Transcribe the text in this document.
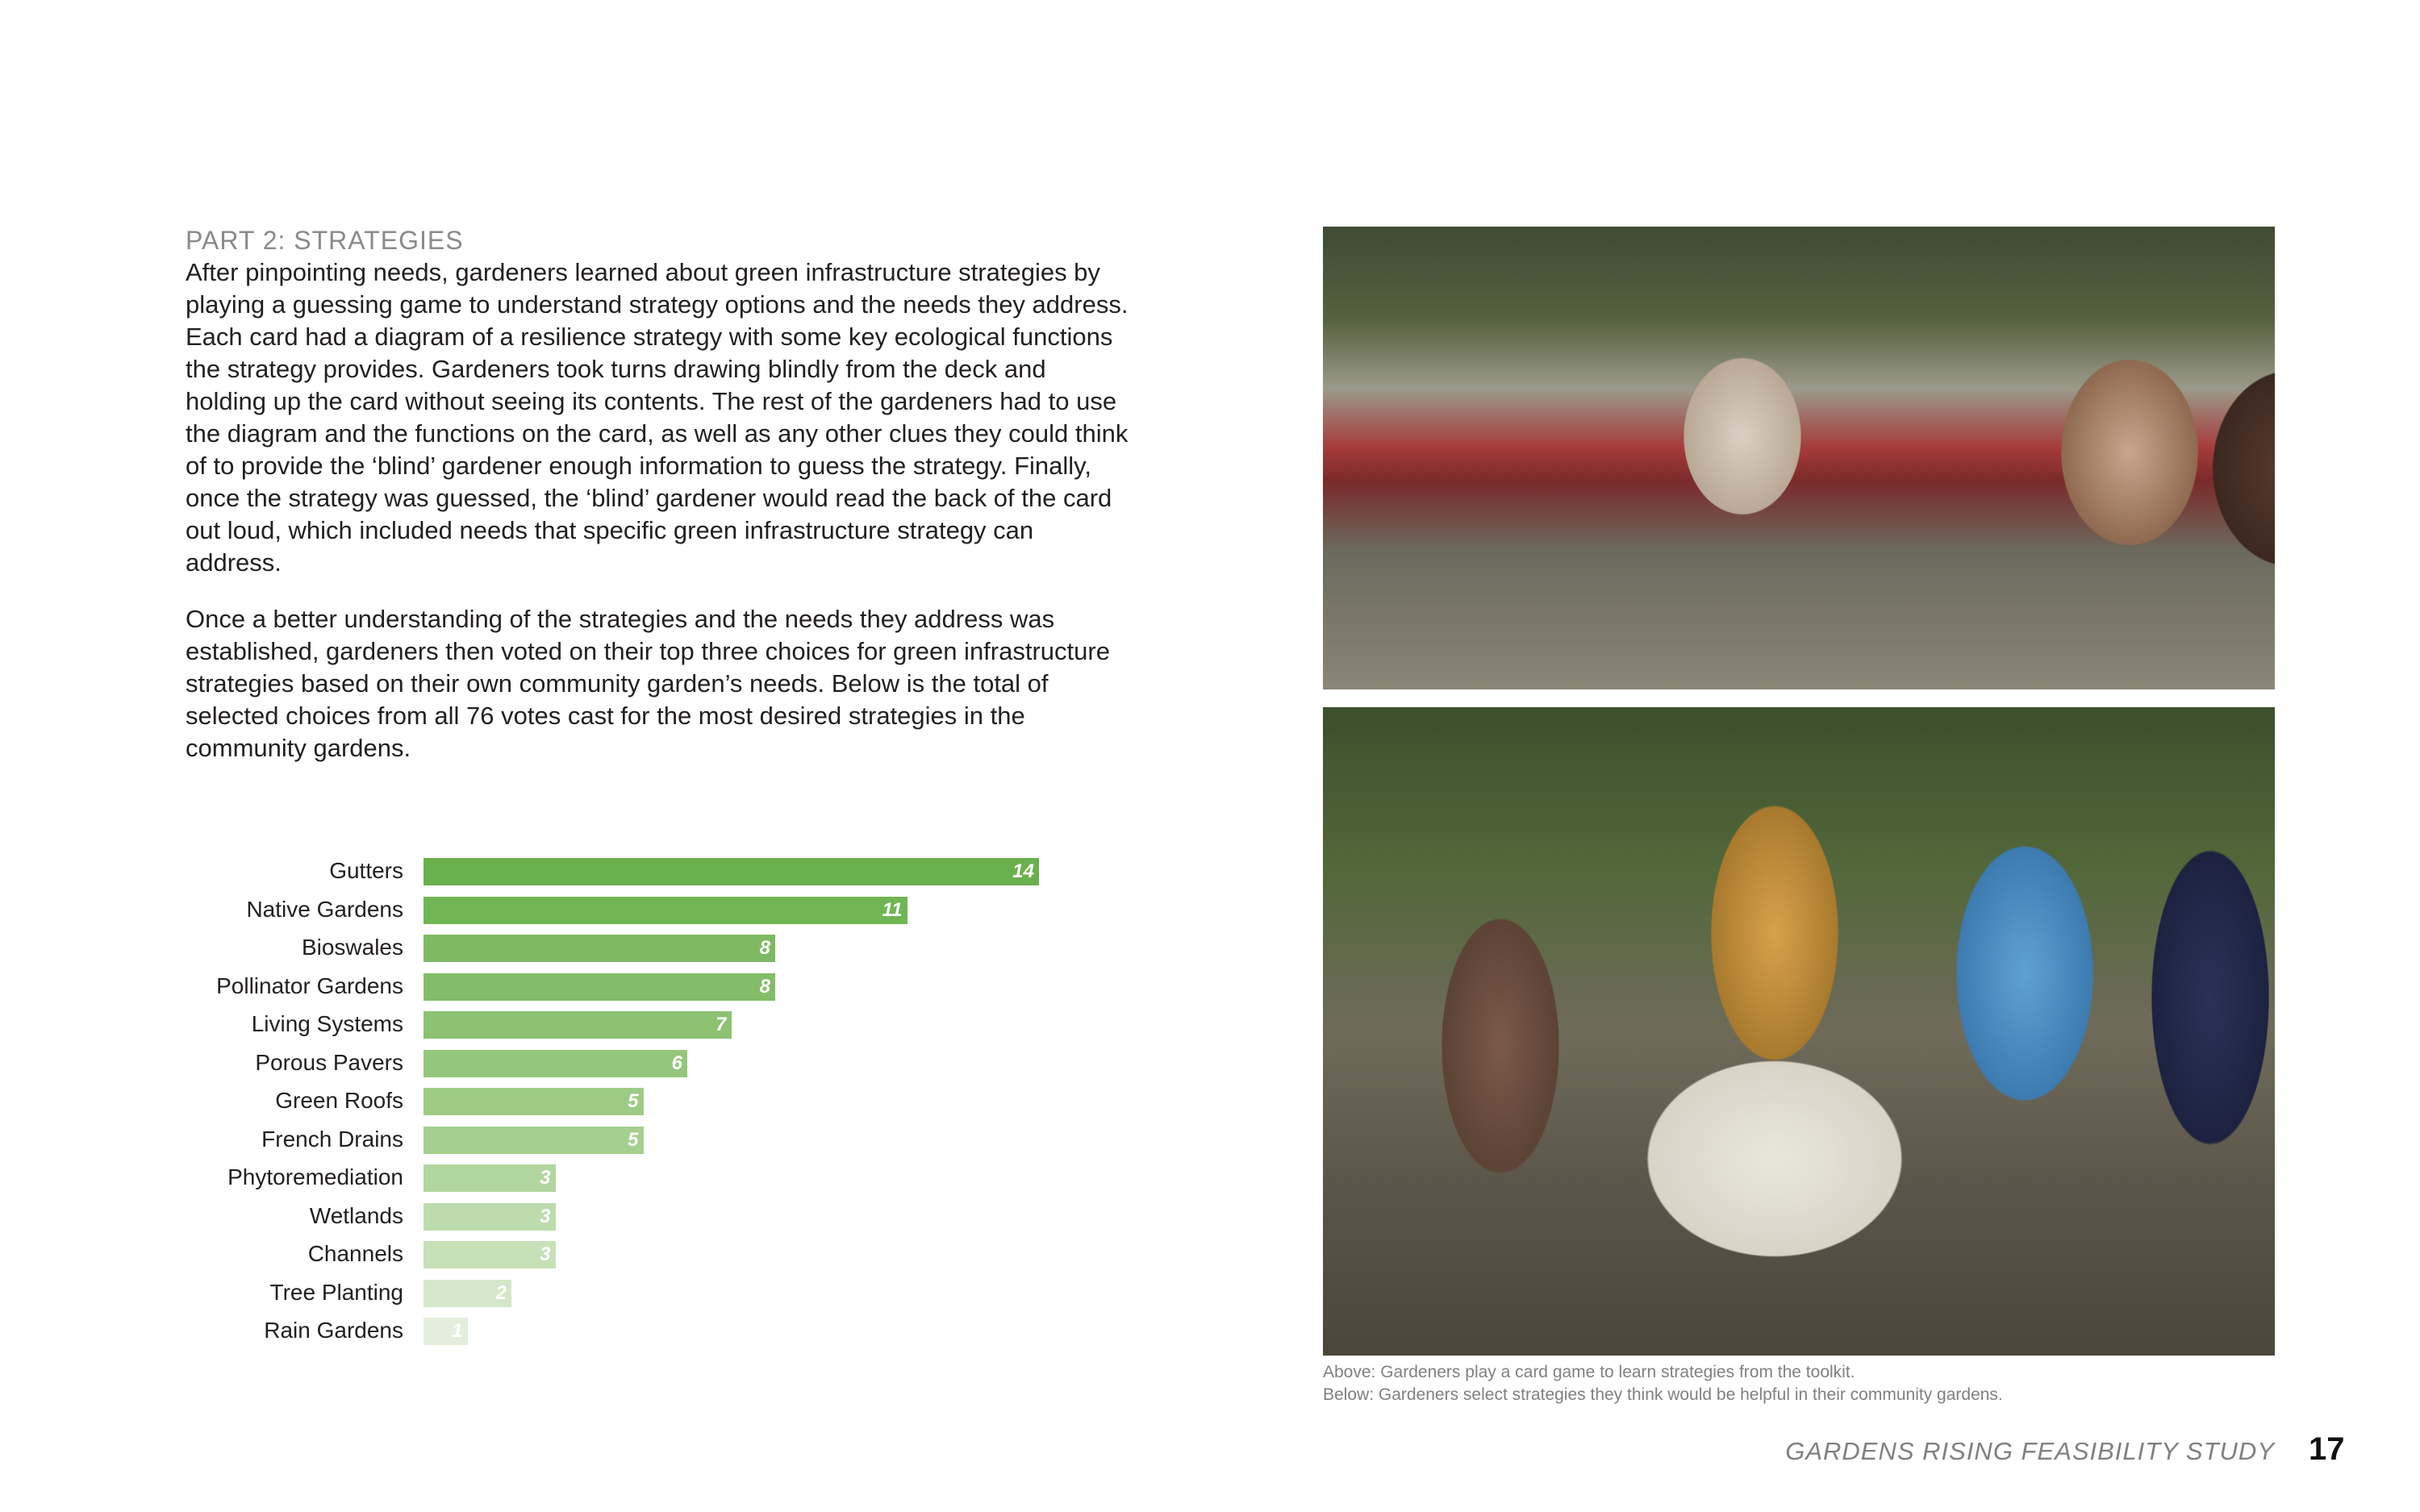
PART 2: STRATEGIES

After pinpointing needs, gardeners learned about green infrastructure strategies by playing a guessing game to understand strategy options and the needs they address. Each card had a diagram of a resilience strategy with some key ecological functions the strategy provides. Gardeners took turns drawing blindly from the deck and holding up the card without seeing its contents. The rest of the gardeners had to use the diagram and the functions on the card, as well as any other clues they could think of to provide the ‘blind’ gardener enough information to guess the strategy. Finally, once the strategy was guessed, the ‘blind’ gardener would read the back of the card out loud, which included needs that specific green infrastructure strategy can address.

Once a better understanding of the strategies and the needs they address was established, gardeners then voted on their top three choices for green infrastructure strategies based on their own community garden’s needs. Below is the total of selected choices from all 76 votes cast for the most desired strategies in the community gardens.

Gutters	14
Native Gardens	11
Bioswales	8
Pollinator Gardens	8
Living Systems	7
Porous Pavers	6
Green Roofs	5
French Drains	5
Phytoremediation	3
Wetlands	3
Channels	3
Tree Planting	2
Rain Gardens	1

Above: Gardeners play a card game to learn strategies from the toolkit.

Below: Gardeners select strategies they think would be helpful in their community gardens.

GARDENS RISING FEASIBILITY STUDY 17
